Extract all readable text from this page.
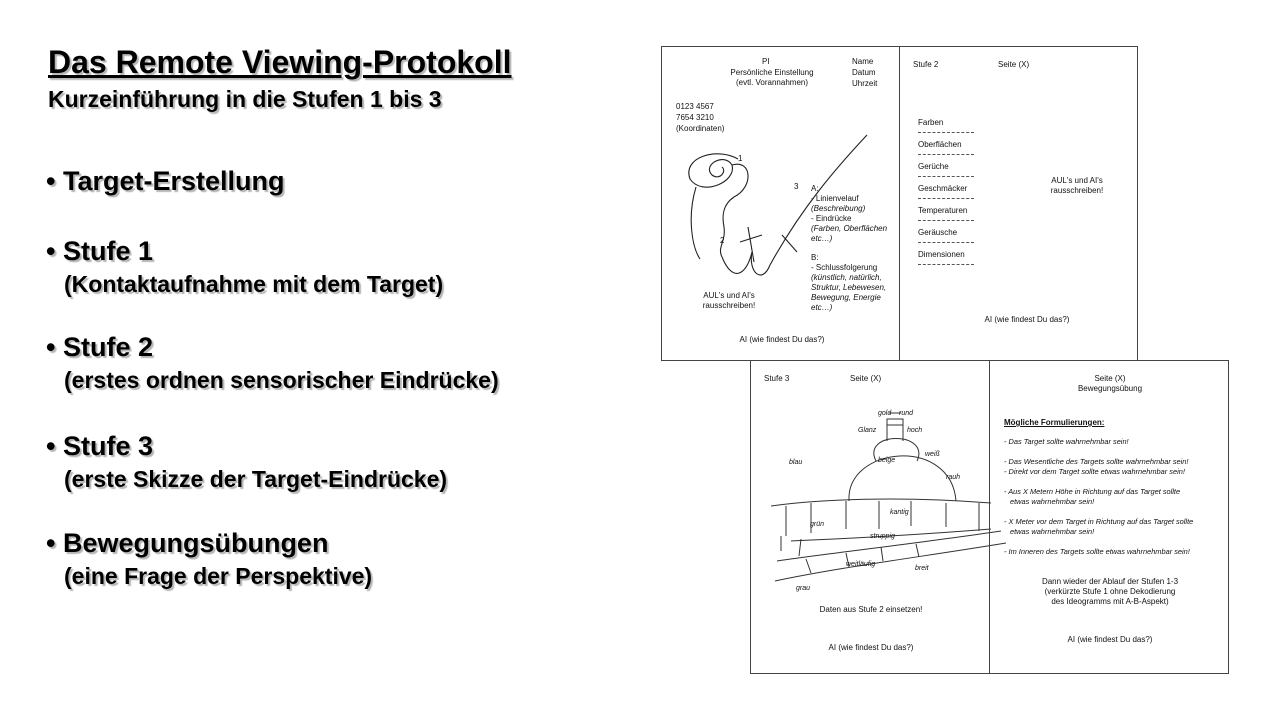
Das Remote Viewing-Protokoll
Kurzeinführung in die Stufen 1 bis 3
• Target-Erstellung
• Stufe 1
(Kontaktaufnahme mit dem Target)
• Stufe 2
(erstes ordnen sensorischer Eindrücke)
• Stufe 3
(erste Skizze der Target-Eindrücke)
• Bewegungsübungen
(eine Frage der Perspektive)
PI
Persönliche Einstellung
(evtl. Vorannahmen)
Name
Datum
Uhrzeit
0123 4567
7654 3210
(Koordinaten)
1
2
3 A:
- Linienvelauf
(Beschreibung)
- Eindrücke
(Farben, Oberflächen
etc…)
B:
- Schlussfolgerung
(künstlich, natürlich,
Struktur, Lebewesen,
Bewegung, Energie
etc…)
AUL's und AI's
rausschreiben!
AI (wie findest Du das?)
Stufe 2	Seite (X)
Farben
Oberflächen
Gerüche
Geschmäcker
Temperaturen
Geräusche
Dimensionen
AUL's und AI's
rausschreiben!
AI (wie findest Du das?)
Stufe 3	Seite (X)
gold rund
Glanz	hoch
blau	beige
weiß
rauh
kantig
grün
struppig
weitläufig
breit
grau
Daten aus Stufe 2 einsetzen!
AI (wie findest Du das?)
Seite (X)
Bewegungsübung
Mögliche Formulierungen:
- Das Target sollte wahrnehmbar sein!
- Das Wesentliche des Targets sollte wahrnehmbar sein!
- Direkt vor dem Target sollte etwas wahrnehmbar sein!
- Aus X Metern Höhe in Richtung auf das Target sollte
etwas wahrnehmbar sein!
- X Meter vor dem Target in Richtung auf das Target sollte
etwas wahrnehmbar sein!
- Im Inneren des Targets sollte etwas wahrnehmbar sein!
Dann wieder der Ablauf der Stufen 1-3
(verkürzte Stufe 1 ohne Dekodierung
des Ideogramms mit A-B-Aspekt)
AI (wie findest Du das?)
